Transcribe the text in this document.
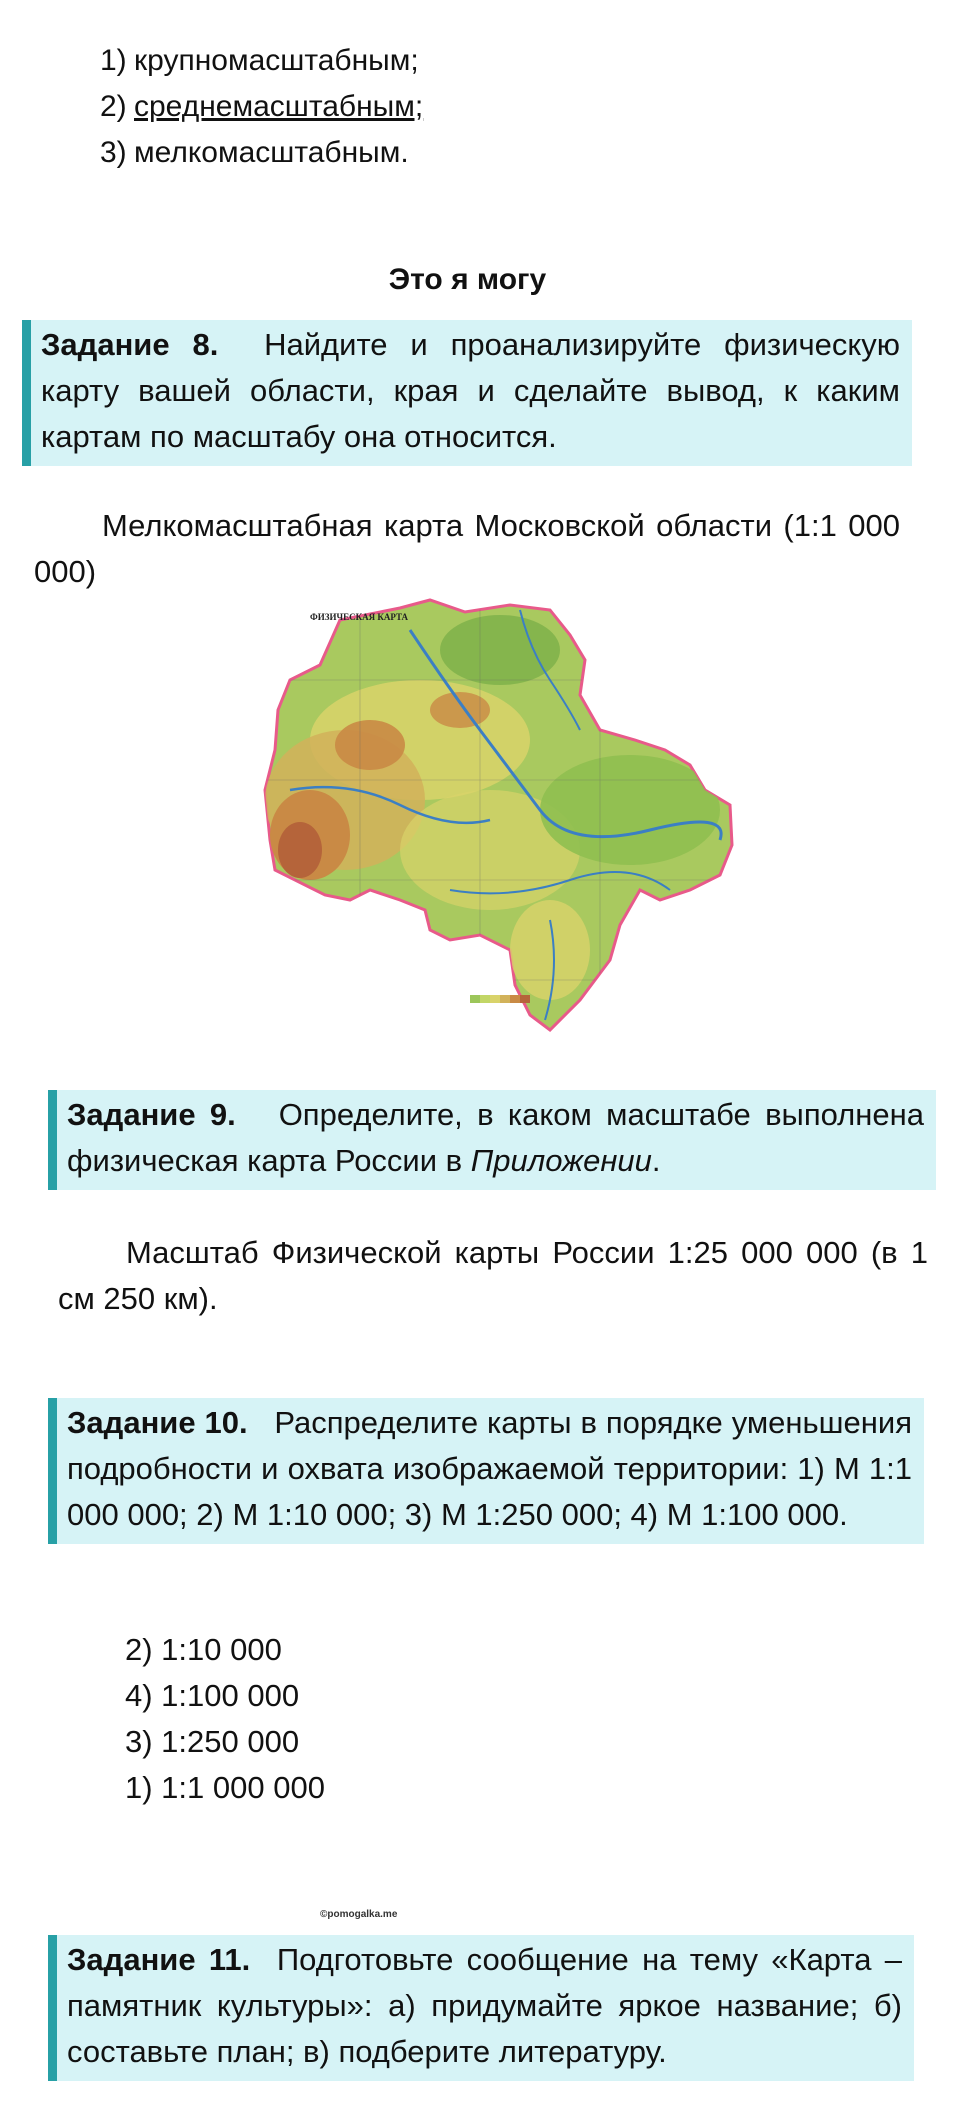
1) крупномасштабным;
2) среднемасштабным;
3) мелкомасштабным.
Это я могу
Задание 8. Найдите и проанализируйте физическую карту вашей области, края и сделайте вывод, к каким картам по масштабу она относится.
Мелкомасштабная карта Московской области (1:1 000 000)
ФИЗИЧЕСКАЯ КАРТА
Задание 9. Определите, в каком масштабе выполнена физическая карта России в Приложении.
Масштаб Физической карты России 1:25 000 000 (в 1 см 250 км).
Задание 10. Распределите карты в порядке уменьшения подробности и охвата изображаемой территории: 1) М 1:1 000 000; 2) М 1:10 000; 3) М 1:250 000; 4) М 1:100 000.
2) 1:10 000
4) 1:100 000
3) 1:250 000
1) 1:1 000 000
©pomogalka.me
Задание 11. Подготовьте сообщение на тему «Карта – памятник культуры»: а) придумайте яркое название; б) составьте план; в) подберите литературу.
